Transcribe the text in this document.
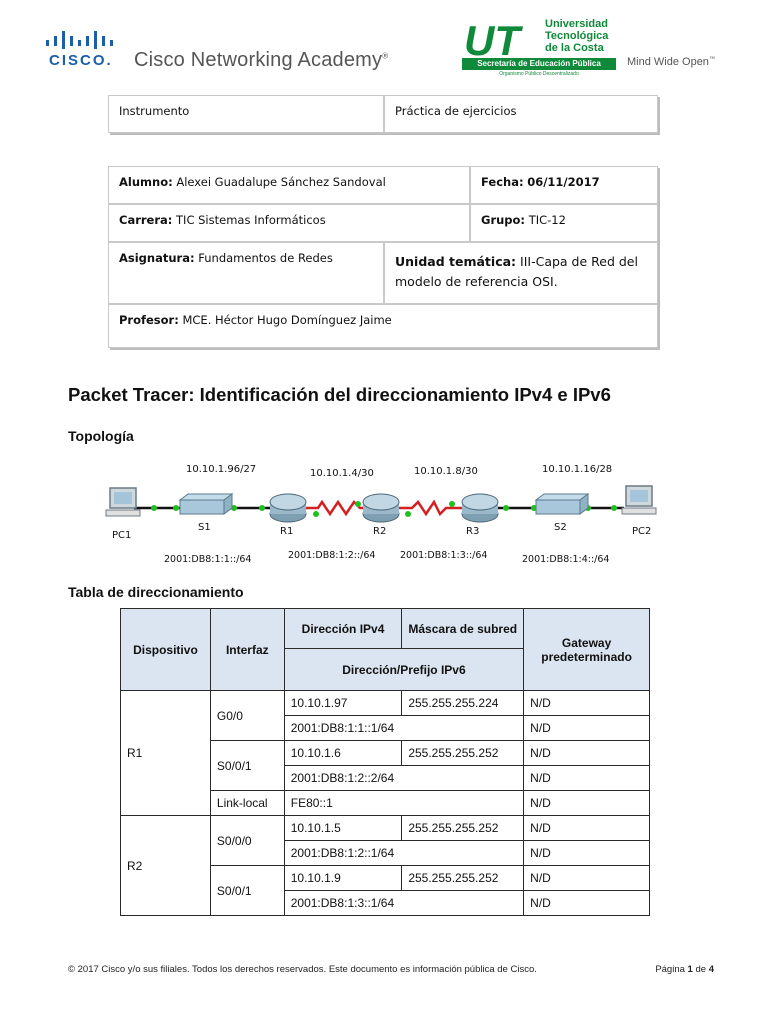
CISCO. Cisco Networking Academy® UT	Universidad
Tecnológica
de la Costa
Secretaría de Educación Pública
Organismo Público Descentralizado
Mind Wide Open™
Instrumento	Práctica de ejercicios
Alumno: Alexei Guadalupe Sánchez Sandoval	Fecha: 06/11/2017
Carrera: TIC Sistemas Informáticos	Grupo: TIC-12
Asignatura: Fundamentos de Redes	Unidad temática: III-Capa de Red del modelo de referencia OSI.
Profesor: MCE. Héctor Hugo Domínguez Jaime
Packet Tracer: Identificación del direccionamiento IPv4 e IPv6
Topología
10.10.1.96/27	10.10.1.4/30	10.10.1.8/30	10.10.1.16/28
PC1
S1	R1	R2	R3	S2	PC2
2001:DB8:1:1::/64	2001:DB8:1:2::/64	2001:DB8:1:3::/64	2001:DB8:1:4::/64
Tabla de direccionamiento
Dispositivo	Interfaz	Dirección IPv4	Máscara de subred	Gateway predeterminado
		Dirección/Prefijo IPv6		
R1	G0/0	10.10.1.97	255.255.255.224	N/D
		2001:DB8:1:1::1/64		N/D
	S0/0/1	10.10.1.6	255.255.255.252	N/D
		2001:DB8:1:2::2/64		N/D
	Link-local	FE80::1		N/D
R2	S0/0/0	10.10.1.5	255.255.255.252	N/D
		2001:DB8:1:2::1/64		N/D
	S0/0/1	10.10.1.9	255.255.255.252	N/D
		2001:DB8:1:3::1/64		N/D
© 2017 Cisco y/o sus filiales. Todos los derechos reservados. Este documento es información pública de Cisco.	Página 1 de 4
